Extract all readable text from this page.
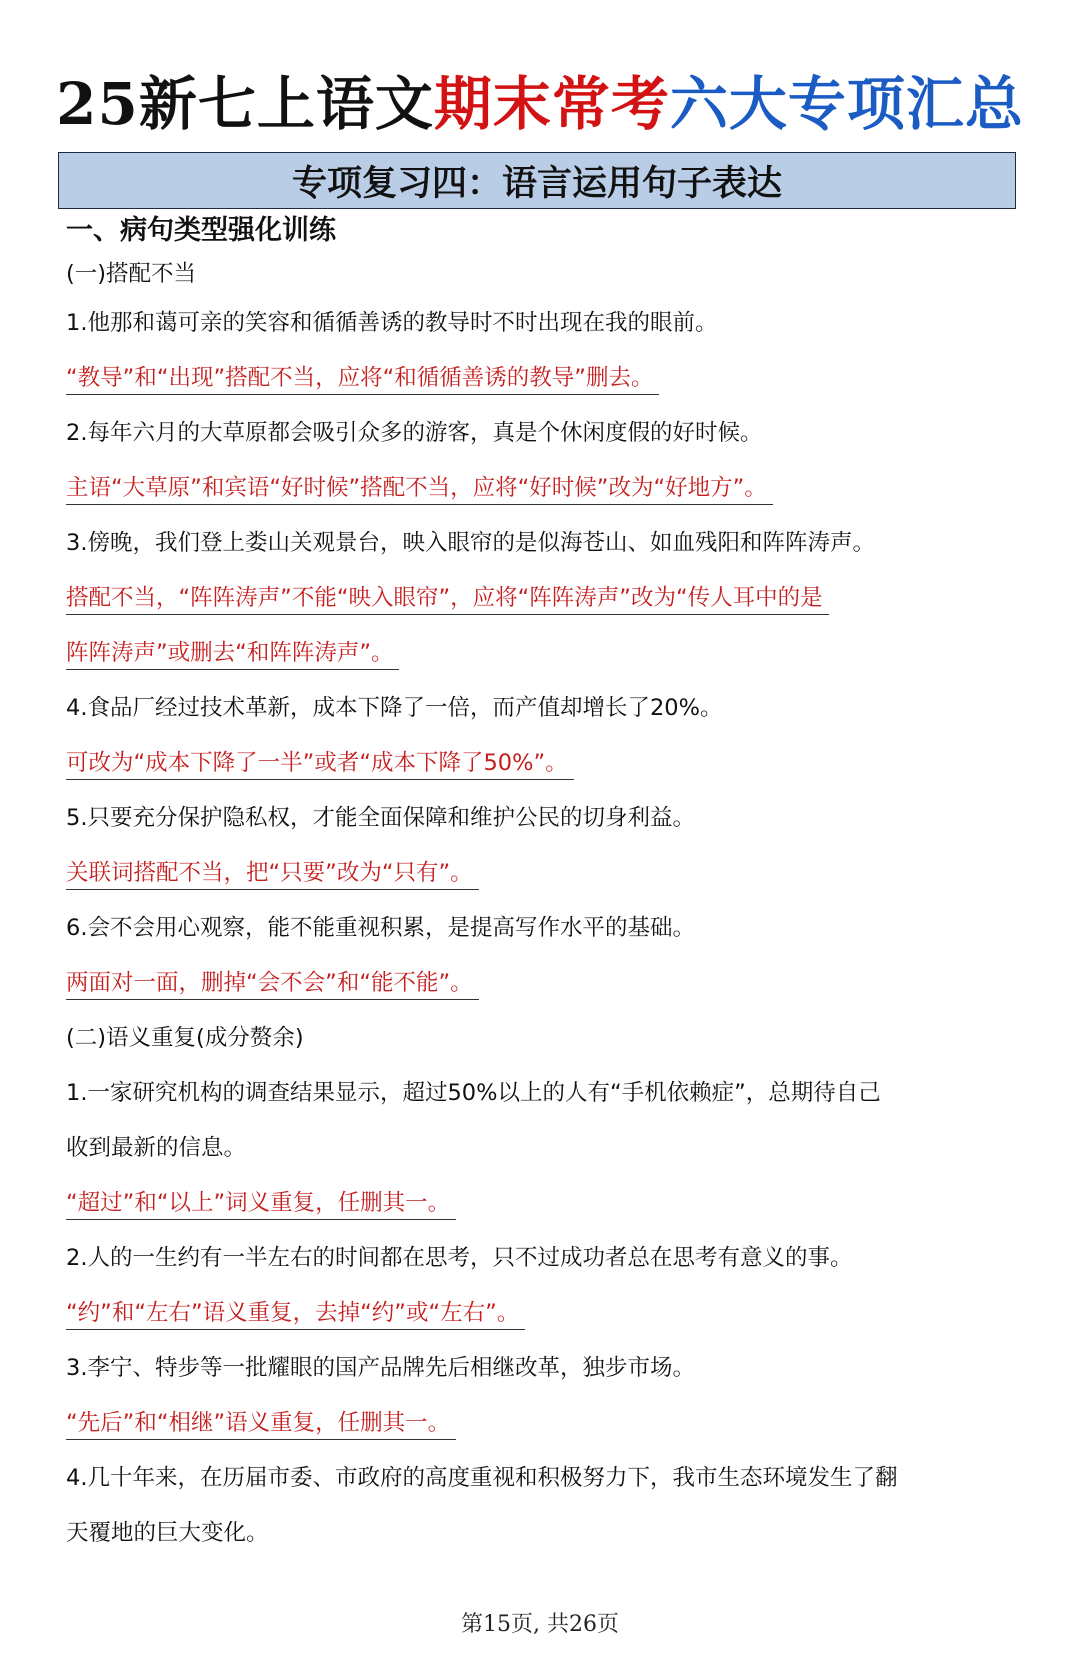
25新七上语文期末常考六大专项汇总
专项复习四：语言运用句子表达
一、病句类型强化训练
(一)搭配不当
1.他那和蔼可亲的笑容和循循善诱的教导时不时出现在我的眼前。
“教导”和“出现”搭配不当，应将“和循循善诱的教导”删去。
2.每年六月的大草原都会吸引众多的游客，真是个休闲度假的好时候。
主语“大草原”和宾语“好时候”搭配不当，应将“好时候”改为“好地方”。
3.傍晚，我们登上娄山关观景台，映入眼帘的是似海苍山、如血残阳和阵阵涛声。
搭配不当，“阵阵涛声”不能“映入眼帘”，应将“阵阵涛声”改为“传人耳中的是
阵阵涛声”或删去“和阵阵涛声”。
4.食品厂经过技术革新，成本下降了一倍，而产值却增长了20%。
可改为“成本下降了一半”或者“成本下降了50%”。
5.只要充分保护隐私权，才能全面保障和维护公民的切身利益。
关联词搭配不当，把“只要”改为“只有”。
6.会不会用心观察，能不能重视积累，是提高写作水平的基础。
两面对一面，删掉“会不会”和“能不能”。
(二)语义重复(成分赘余)
1.一家研究机构的调查结果显示，超过50%以上的人有“手机依赖症”，总期待自己
收到最新的信息。
“超过”和“以上”词义重复，任删其一。
2.人的一生约有一半左右的时间都在思考，只不过成功者总在思考有意义的事。
“约”和“左右”语义重复，去掉“约”或“左右”。
3.李宁、特步等一批耀眼的国产品牌先后相继改革，独步市场。
“先后”和“相继”语义重复，任删其一。
4.几十年来，在历届市委、市政府的高度重视和积极努力下，我市生态环境发生了翻
天覆地的巨大变化。
第15页, 共26页
